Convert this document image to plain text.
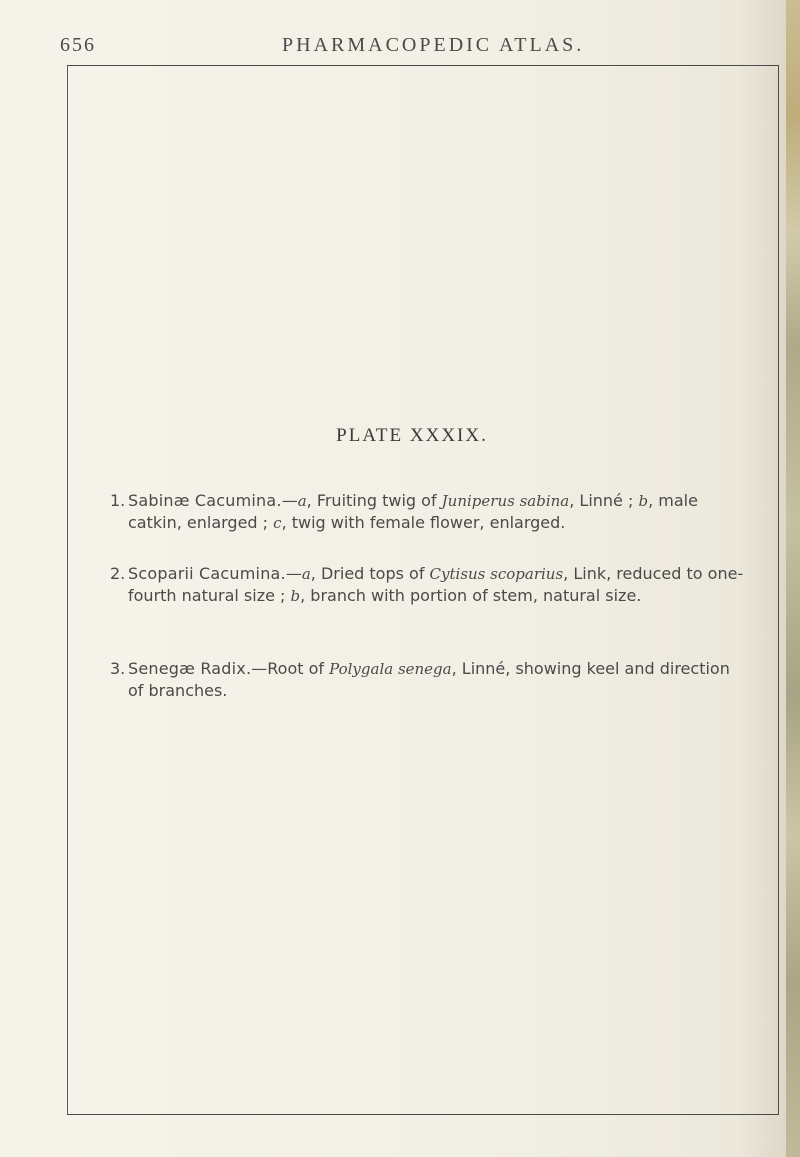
656	PHARMACOPEDIC ATLAS.
PLATE XXXIX.
1. Sabinæ Cacumina.—a, Fruiting twig of Juniperus sabina, Linné ; b, male catkin, enlarged ; c, twig with female flower, enlarged.
2. Scoparii Cacumina.—a, Dried tops of Cytisus scoparius, Link, reduced to one-fourth natural size ; b, branch with portion of stem, natural size.
3. Senegæ Radix.—Root of Polygala senega, Linné, showing keel and direction of branches.
